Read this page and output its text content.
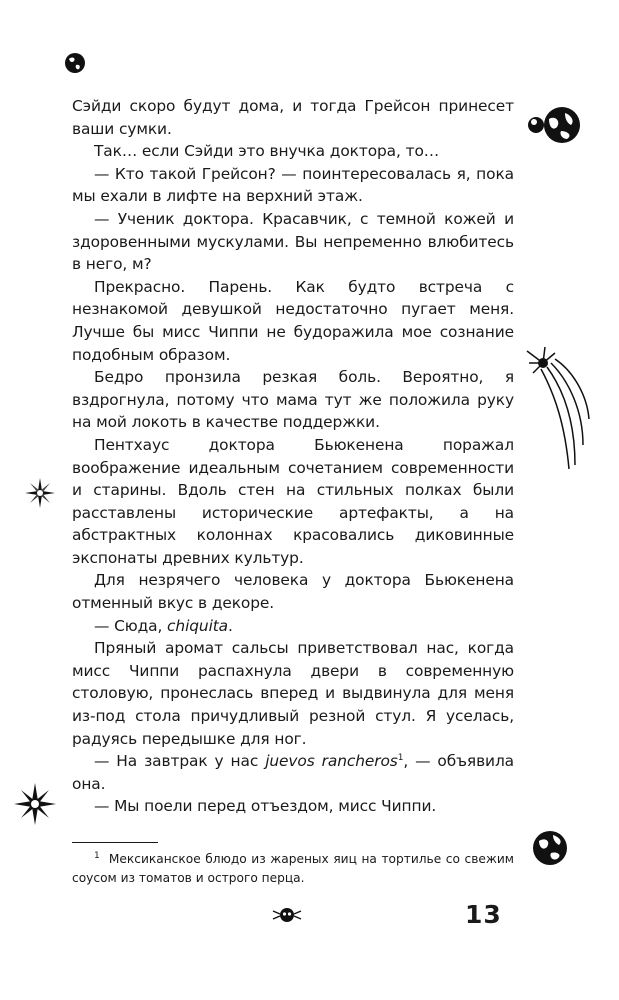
Сэйди скоро будут дома, и тогда Грейсон принесет ваши сумки.

Так… если Сэйди это внучка доктора, то…

— Кто такой Грейсон? — поинтересовалась я, пока мы ехали в лифте на верхний этаж.

— Ученик доктора. Красавчик, с темной кожей и здоровенными мускулами. Вы непременно влюбитесь в него, м?

Прекрасно. Парень. Как будто встреча с незнакомой девушкой недостаточно пугает меня. Лучше бы мисс Чиппи не будоражила мое сознание подобным образом.

Бедро пронзила резкая боль. Вероятно, я вздрогнула, потому что мама тут же положила руку на мой локоть в качестве поддержки.

Пентхаус доктора Бьюкенена поражал воображение идеальным сочетанием современности и старины. Вдоль стен на стильных полках были расставлены исторические артефакты, а на абстрактных колоннах красовались диковинные экспонаты древних культур.

Для незрячего человека у доктора Бьюкенена отменный вкус в декоре.

— Сюда, chiquita.

Пряный аромат сальсы приветствовал нас, когда мисс Чиппи распахнула двери в современную столовую, пронеслась вперед и выдвинула для меня из-под стола причудливый резной стул. Я уселась, радуясь передышке для ног.

— На завтрак у нас juevos rancheros$^1$, — объявила она.

— Мы поели перед отъездом, мисс Чиппи.

$^1$ Мексиканское блюдо из жареных яиц на тортилье со свежим соусом из томатов и острого перца.

13
